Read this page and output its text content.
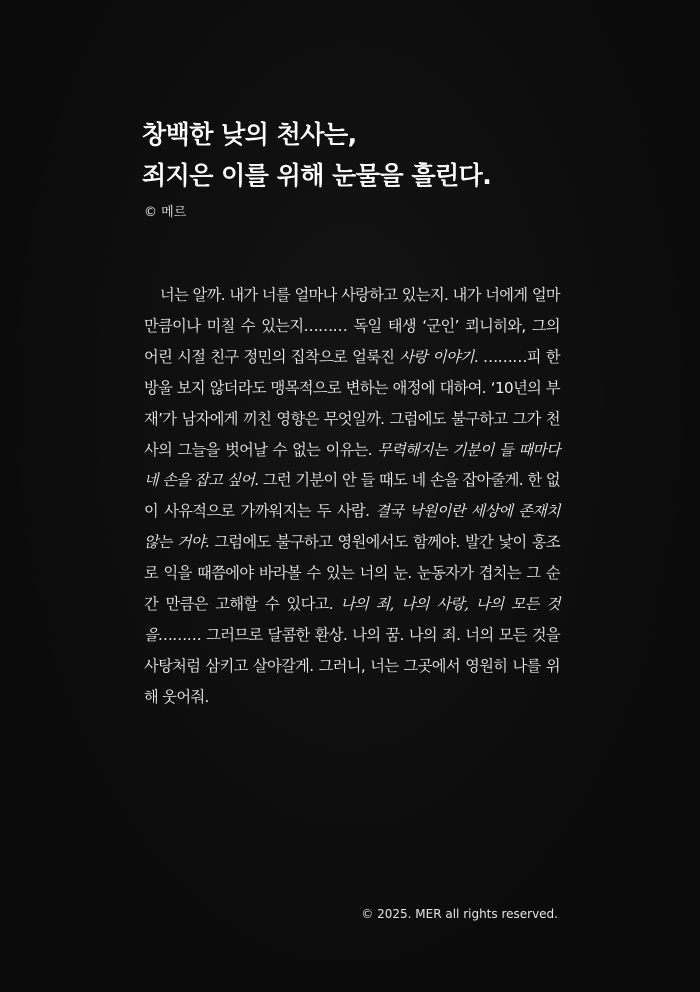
창백한 낮의 천사는,
죄지은 이를 위해 눈물을 흘린다.
© 메르

너는 알까. 내가 너를 얼마나 사랑하고 있는지. 내가 너에게 얼마만큼이나 미칠 수 있는지……… 독일 태생 ‘군인’ 쾨니히와, 그의 어린 시절 친구 정민의 집착으로 얼룩진 사랑 이야기. ………피 한 방울 보지 않더라도 맹목적으로 변하는 애정에 대하여. ‘10년의 부재’가 남자에게 끼친 영향은 무엇일까. 그럼에도 불구하고 그가 천사의 그늘을 벗어날 수 없는 이유는. 무력해지는 기분이 들 때마다 네 손을 잡고 싶어. 그런 기분이 안 들 때도 네 손을 잡아줄게. 한 없이 사유적으로 가까워지는 두 사람. 결국 낙원이란 세상에 존재치 않는 거야. 그럼에도 불구하고 영원에서도 함께야. 발간 낯이 홍조로 익을 때쯤에야 바라볼 수 있는 너의 눈. 눈동자가 겹치는 그 순간 만큼은 고해할 수 있다고. 나의 죄, 나의 사랑, 나의 모든 것을……… 그러므로 달콤한 환상. 나의 꿈. 나의 죄. 너의 모든 것을 사탕처럼 삼키고 살아갈게. 그러니, 너는 그곳에서 영원히 나를 위해 웃어줘.

© 2025. MER all rights reserved.
